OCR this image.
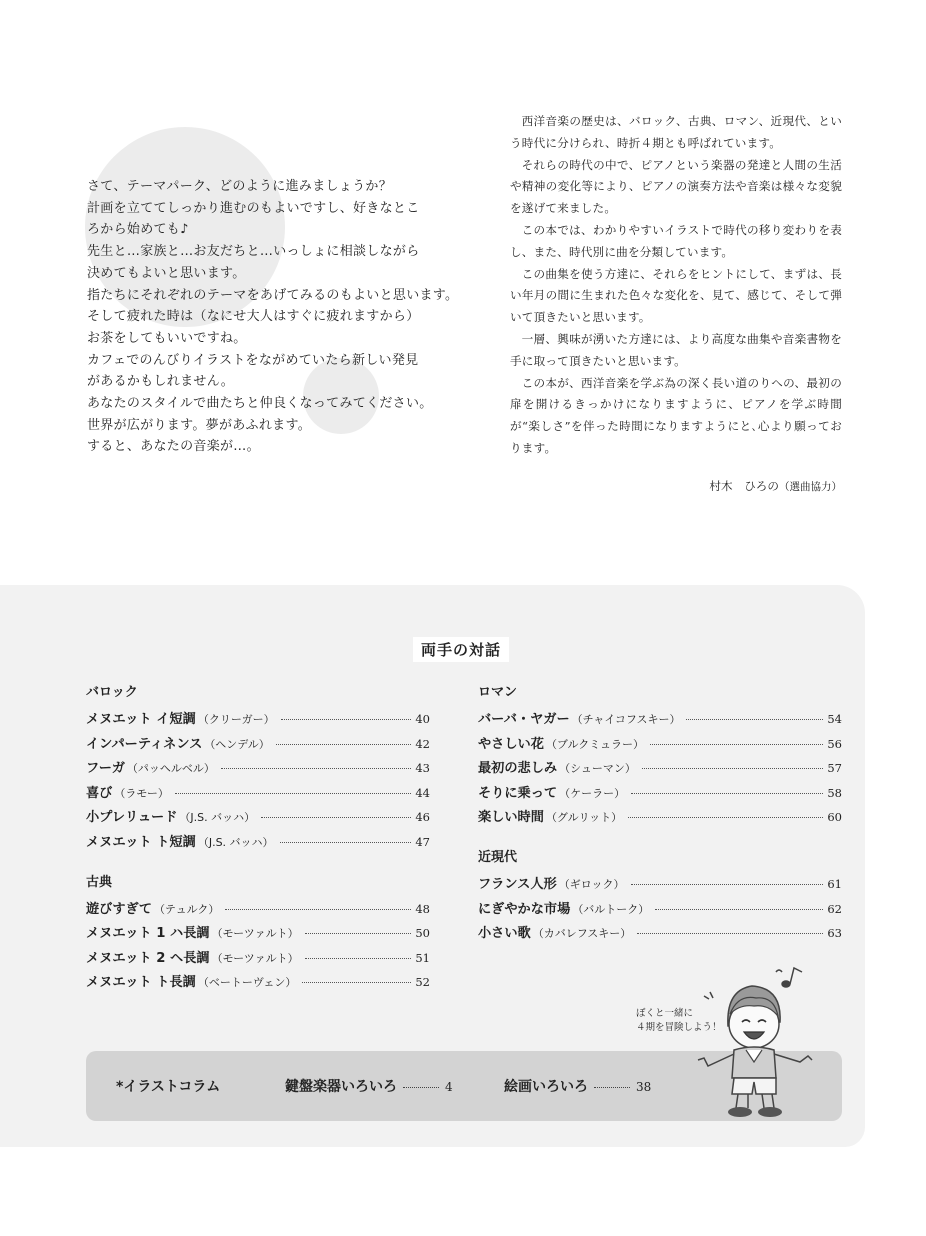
さて、テーマパーク、どのように進みましょうか？

計画を立ててしっかり進むのもよいですし、好きなとこ

ろから始めても♪

先生と…家族と…お友だちと…いっしょに相談しながら

決めてもよいと思います。

指たちにそれぞれのテーマをあげてみるのもよいと思います。

そして疲れた時は（なにせ大人はすぐに疲れますから）

お茶をしてもいいですね。

カフェでのんびりイラストをながめていたら新しい発見

があるかもしれません。

あなたのスタイルで曲たちと仲良くなってみてください。

世界が広がります。夢があふれます。

すると、あなたの音楽が…。

西洋音楽の歴史は、バロック、古典、ロマン、近現代、という時代に分けられ、時折４期とも呼ばれています。

それらの時代の中で、ピアノという楽器の発達と人間の生活や精神の変化等により、ピアノの演奏方法や音楽は様々な変貌を遂げて来ました。

この本では、わかりやすいイラストで時代の移り変わりを表し、また、時代別に曲を分類しています。

この曲集を使う方達に、それらをヒントにして、まずは、長い年月の間に生まれた色々な変化を、見て、感じて、そして弾いて頂きたいと思います。

一層、興味が湧いた方達には、より高度な曲集や音楽書物を手に取って頂きたいと思います。

この本が、西洋音楽を学ぶ為の深く長い道のりへの、最初の扉を開けるきっかけになりますように、ピアノを学ぶ時間が“楽しさ”を伴った時間になりますようにと､心より願っております。

村木　ひろの（選曲協力）
両手の対話
バロック
メヌエット イ短調 （クリーガー）	40
インパーティネンス （ヘンデル）	42
フーガ （パッヘルベル）	43
喜び （ラモー）	44
小プレリュード （J.S. バッハ）	46
メヌエット ト短調 （J.S. バッハ）	47
古典
遊びすぎて （テュルク）	48
メヌエット 1 ハ長調 （モーツァルト）	50
メヌエット 2 ヘ長調 （モーツァルト）	51
メヌエット ト長調 （ベートーヴェン）	52
ロマン
バーバ・ヤガー （チャイコフスキー）	54
やさしい花 （ブルクミュラー）	56
最初の悲しみ （シューマン）	57
そりに乗って （ケーラー）	58
楽しい時間 （グルリット）	60
近現代
フランス人形 （ギロック）	61
にぎやかな市場 （バルトーク）	62
小さい歌 （カバレフスキー）	63
*イラストコラム	鍵盤楽器いろいろ	4	絵画いろいろ	38

ぼくと一緒に

４期を冒険しよう！
